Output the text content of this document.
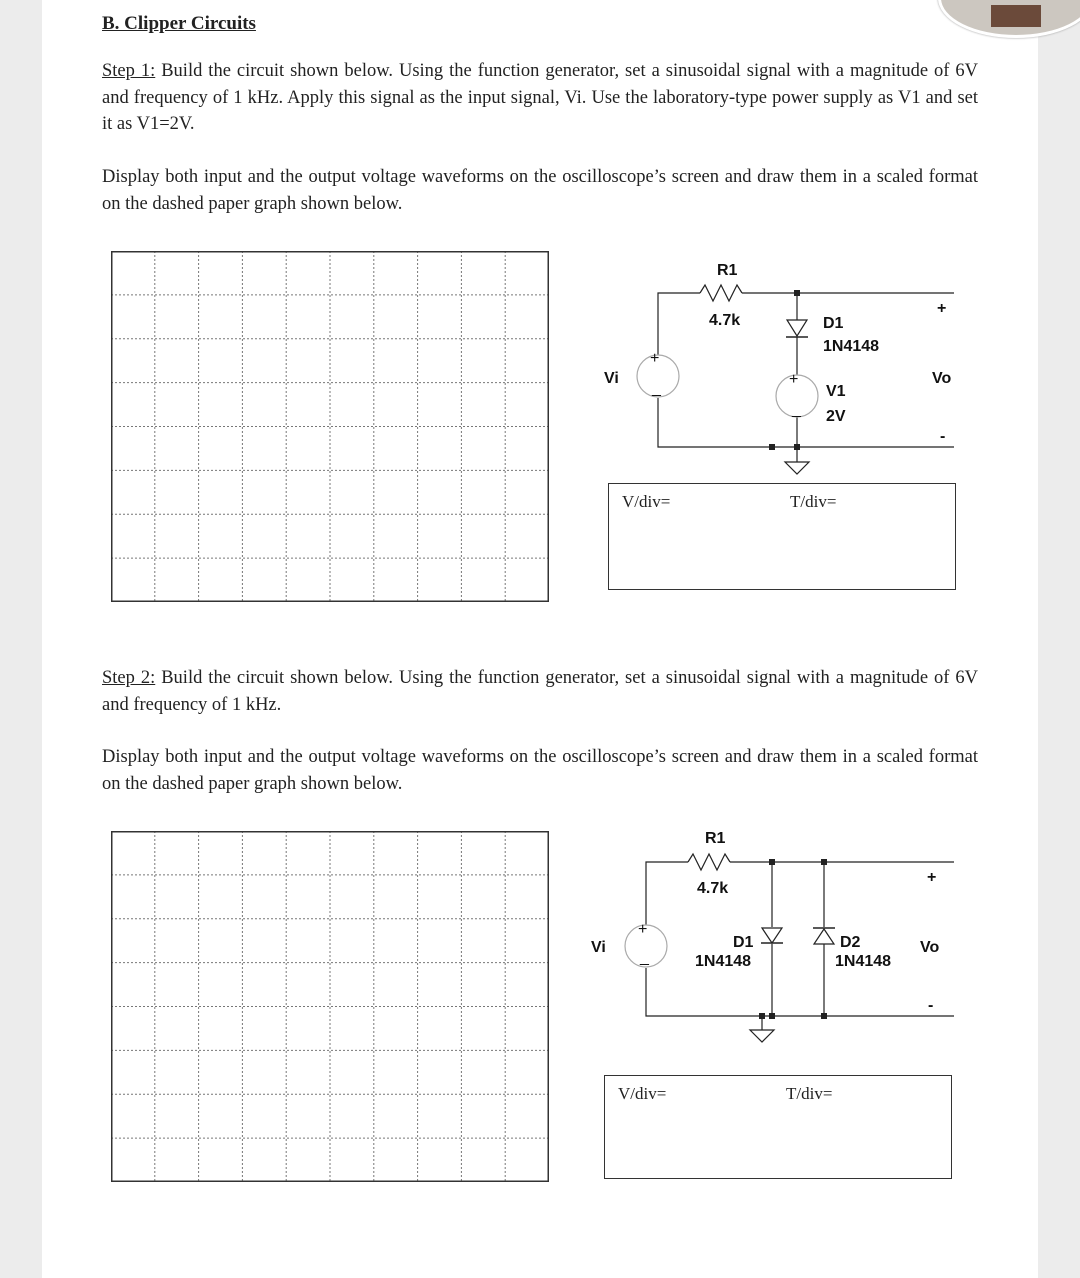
B. Clipper Circuits
Step 1: Build the circuit shown below. Using the function generator, set a sinusoidal signal with a magnitude of 6V and frequency of 1 kHz. Apply this signal as the input signal, Vi. Use the laboratory-type power supply as V1 and set it as V1=2V.
Display both input and the output voltage waveforms on the oscilloscope’s screen and draw them in a scaled format on the dashed paper graph shown below.
+
_
+
_
R1
4.7k	D1
1N4148
V1
2V
Vi	Vo
+
-
V/div=	T/div=
Step 2: Build the circuit shown below. Using the function generator, set a sinusoidal signal with a magnitude of 6V and frequency of 1 kHz.
Display both input and the output voltage waveforms on the oscilloscope’s screen and draw them in a scaled format on the dashed paper graph shown below.
+
_
R1
4.7k
D1
1N4148
D2
1N4148
Vi	Vo
+
-
V/div=	T/div=
